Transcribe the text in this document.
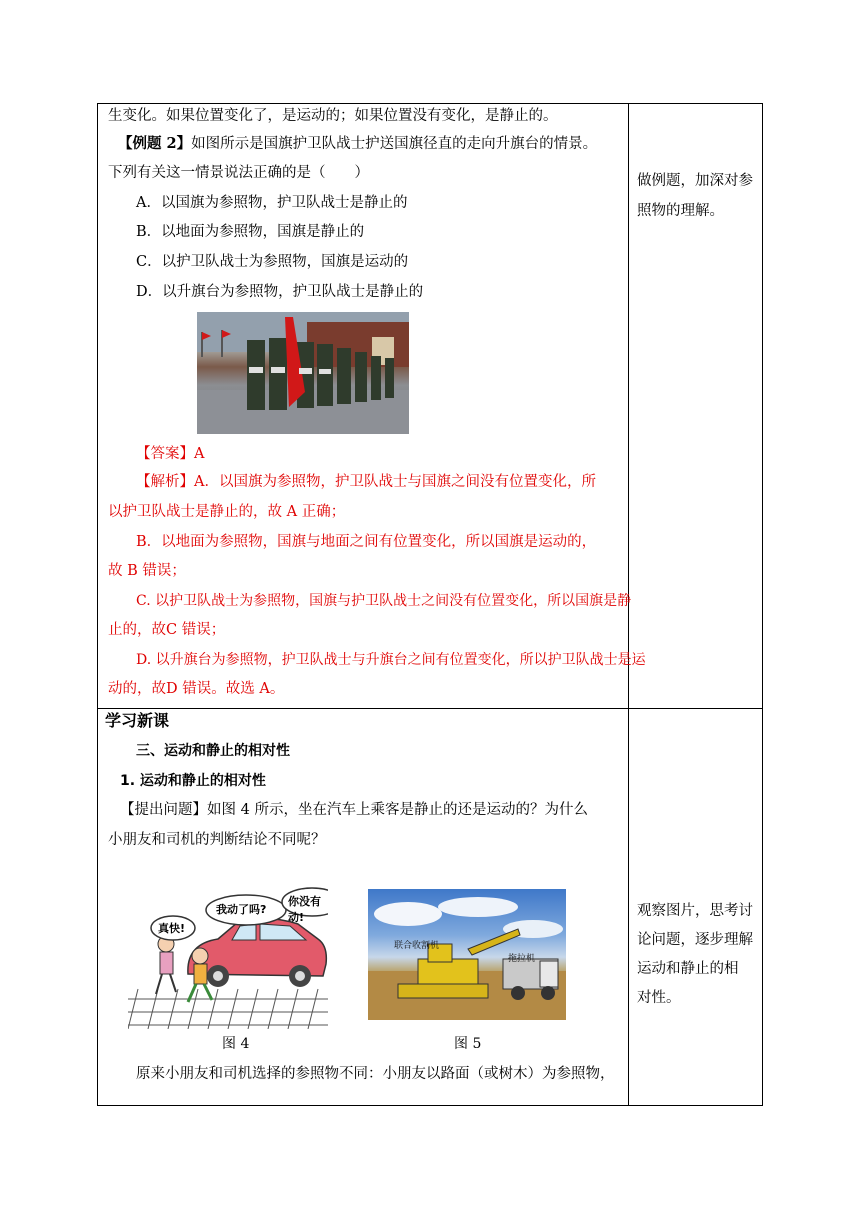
生变化。如果位置变化了，是运动的；如果位置没有变化，是静止的。
【例题 2】如图所示是国旗护卫队战士护送国旗径直的走向升旗台的情景。
下列有关这一情景说法正确的是（　　）
A．以国旗为参照物，护卫队战士是静止的
B．以地面为参照物，国旗是静止的
C．以护卫队战士为参照物，国旗是运动的
D．以升旗台为参照物，护卫队战士是静止的
【答案】A
【解析】A．以国旗为参照物，护卫队战士与国旗之间没有位置变化，所
以护卫队战士是静止的，故 A 正确；
B．以地面为参照物，国旗与地面之间有位置变化，所以国旗是运动的，
故 B 错误；
C. 以护卫队战士为参照物，国旗与护卫队战士之间没有位置变化，所以国旗是静
止的，故C 错误；
D. 以升旗台为参照物，护卫队战士与升旗台之间有位置变化，所以护卫队战士是运
动的，故D 错误。故选 A。
做例题，加深对参
照物的理解。
学习新课
三、运动和静止的相对性
1. 运动和静止的相对性
【提出问题】如图 4 所示，坐在汽车上乘客是静止的还是运动的？为什么
小朋友和司机的判断结论不同呢？
我动了吗?
你没有动!
真快!
联合收割机
拖拉机
图 4	图 5
原来小朋友和司机选择的参照物不同：小朋友以路面（或树木）为参照物，
观察图片，思考讨
论问题，逐步理解
运动和静止的相
对性。
